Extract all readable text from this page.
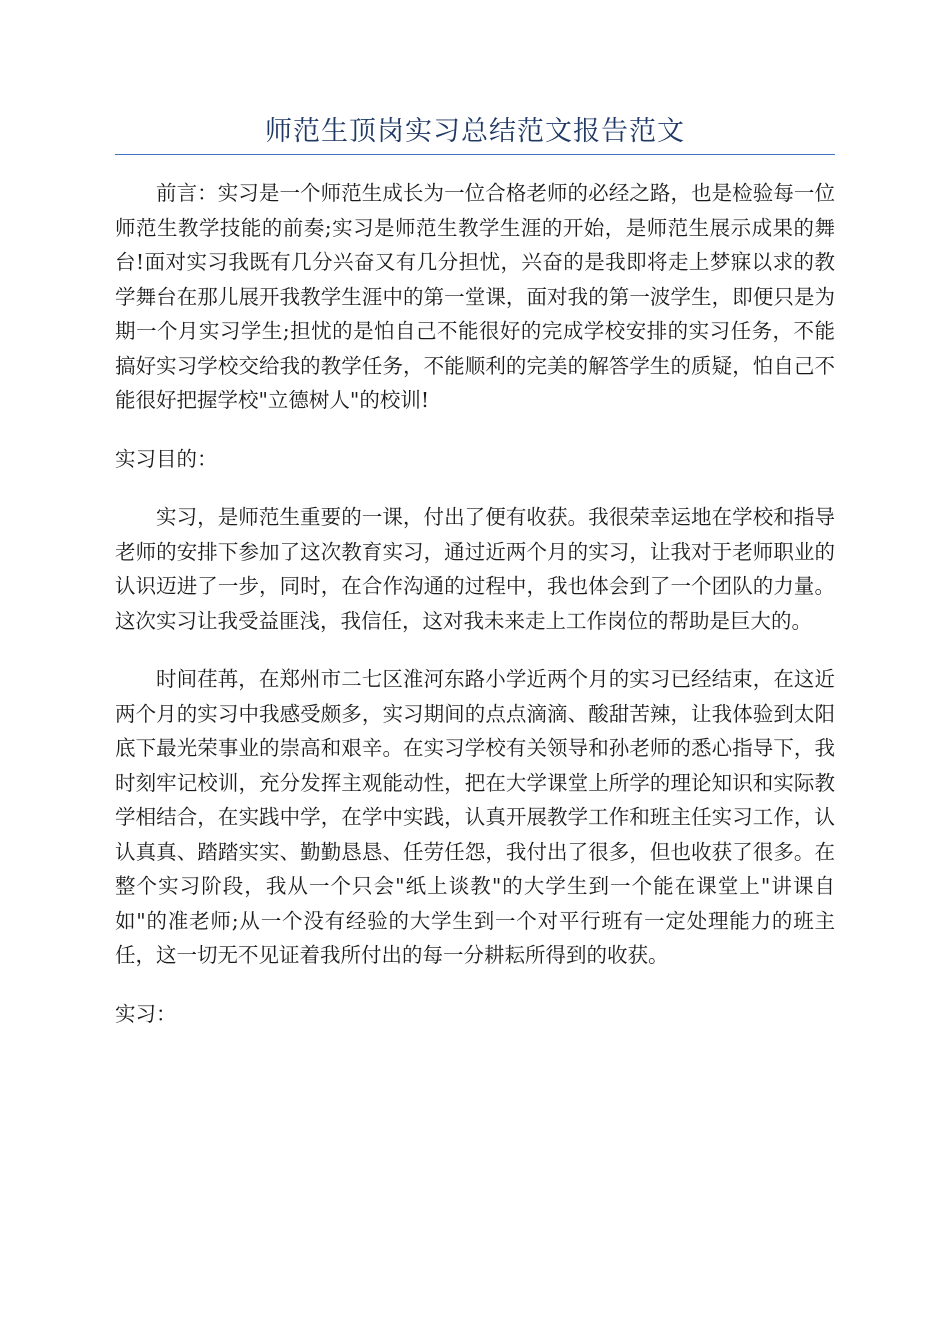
师范生顶岗实习总结范文报告范文

前言：实习是一个师范生成长为一位合格老师的必经之路，也是检验每一位师范生教学技能的前奏;实习是师范生教学生涯的开始，是师范生展示成果的舞台!面对实习我既有几分兴奋又有几分担忧，兴奋的是我即将走上梦寐以求的教学舞台在那儿展开我教学生涯中的第一堂课，面对我的第一波学生，即便只是为期一个月实习学生;担忧的是怕自己不能很好的完成学校安排的实习任务，不能搞好实习学校交给我的教学任务，不能顺利的完美的解答学生的质疑，怕自己不能很好把握学校"立德树人"的校训!

实习目的：

实习，是师范生重要的一课，付出了便有收获。我很荣幸运地在学校和指导老师的安排下参加了这次教育实习，通过近两个月的实习，让我对于老师职业的认识迈进了一步，同时，在合作沟通的过程中，我也体会到了一个团队的力量。这次实习让我受益匪浅，我信任，这对我未来走上工作岗位的帮助是巨大的。

时间荏苒，在郑州市二七区淮河东路小学近两个月的实习已经结束，在这近两个月的实习中我感受颇多，实习期间的点点滴滴、酸甜苦辣，让我体验到太阳底下最光荣事业的崇高和艰辛。在实习学校有关领导和孙老师的悉心指导下，我时刻牢记校训，充分发挥主观能动性，把在大学课堂上所学的理论知识和实际教学相结合，在实践中学，在学中实践，认真开展教学工作和班主任实习工作，认认真真、踏踏实实、勤勤恳恳、任劳任怨，我付出了很多，但也收获了很多。在整个实习阶段，我从一个只会"纸上谈教"的大学生到一个能在课堂上"讲课自如"的准老师;从一个没有经验的大学生到一个对平行班有一定处理能力的班主任，这一切无不见证着我所付出的每一分耕耘所得到的收获。

实习：
